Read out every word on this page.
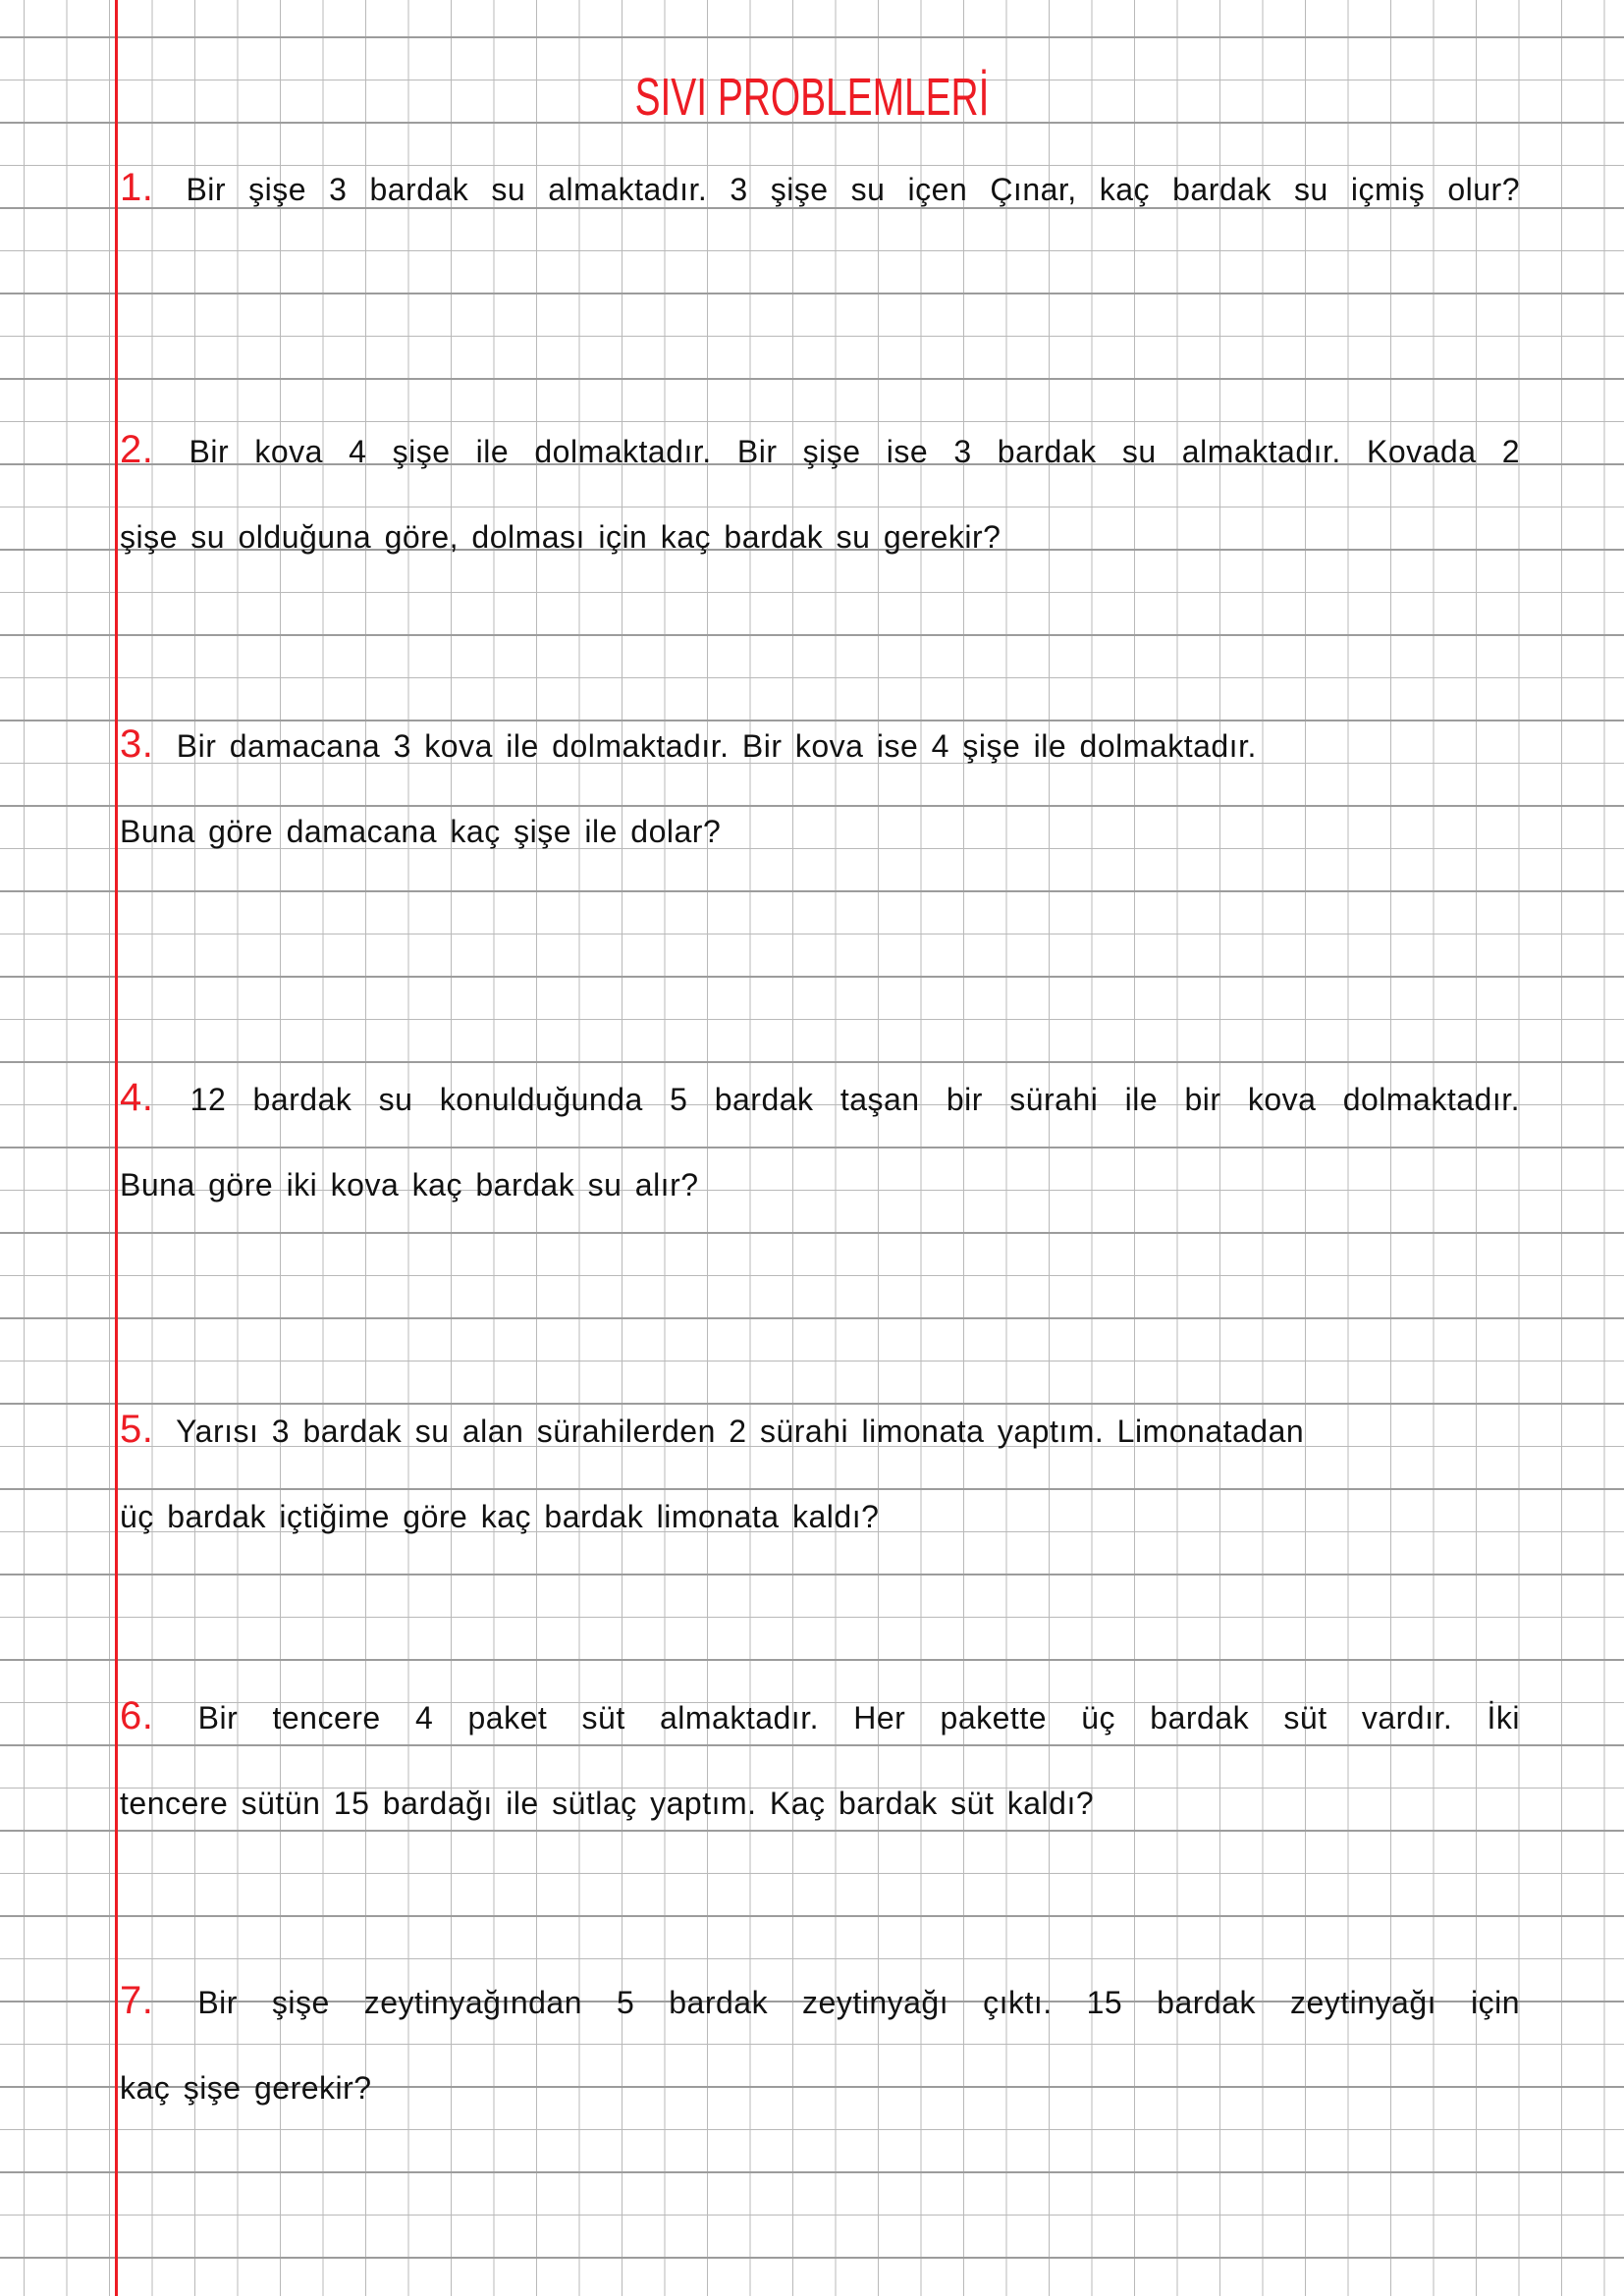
SIVI PROBLEMLERİ
1. Bir şişe 3 bardak su almaktadır. 3 şişe su içen Çınar, kaç bardak su içmiş olur?
2. Bir kova 4 şişe ile dolmaktadır. Bir şişe ise 3 bardak su almaktadır. Kovada 2
şişe su olduğuna göre, dolması için kaç bardak su gerekir?
3. Bir damacana 3 kova ile dolmaktadır. Bir kova ise 4 şişe ile dolmaktadır.
Buna göre damacana kaç şişe ile dolar?
4. 12 bardak su konulduğunda 5 bardak taşan bir sürahi ile bir kova dolmaktadır.
Buna göre iki kova kaç bardak su alır?
5. Yarısı 3 bardak su alan sürahilerden 2 sürahi limonata yaptım. Limonatadan
üç bardak içtiğime göre kaç bardak limonata kaldı?
6. Bir tencere 4 paket süt almaktadır. Her pakette üç bardak süt vardır. İki
tencere sütün 15 bardağı ile sütlaç yaptım. Kaç bardak süt kaldı?
7. Bir şişe zeytinyağından 5 bardak zeytinyağı çıktı. 15 bardak zeytinyağı için
kaç şişe gerekir?
